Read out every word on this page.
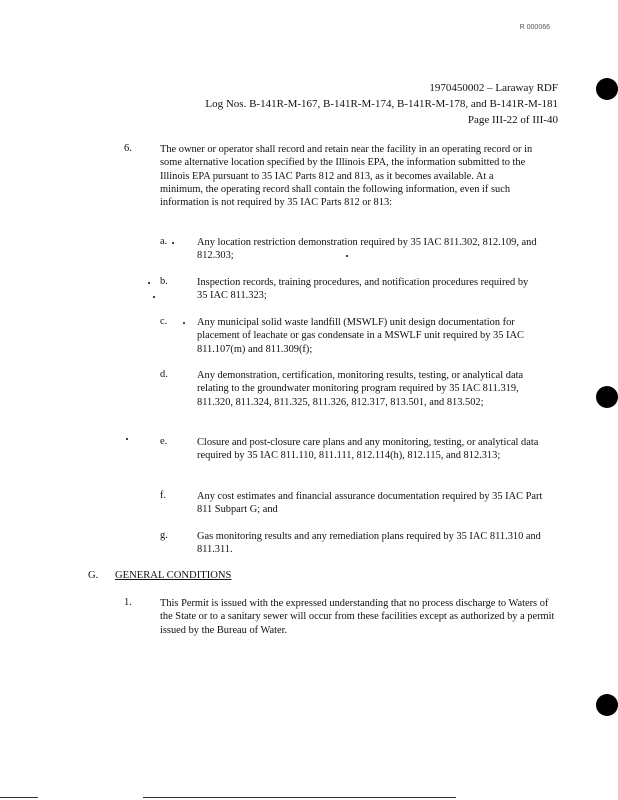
R 000066
1970450002 – Laraway RDF
Log Nos. B-141R-M-167, B-141R-M-174, B-141R-M-178, and B-141R-M-181
Page III-22 of III-40
6.	The owner or operator shall record and retain near the facility in an operating record or in some alternative location specified by the Illinois EPA, the information submitted to the Illinois EPA pursuant to 35 IAC Parts 812 and 813, as it becomes available. At a minimum, the operating record shall contain the following information, even if such information is not required by 35 IAC Parts 812 or 813:
a.	Any location restriction demonstration required by 35 IAC 811.302, 812.109, and 812.303;
b.	Inspection records, training procedures, and notification procedures required by 35 IAC 811.323;
c.	Any municipal solid waste landfill (MSWLF) unit design documentation for placement of leachate or gas condensate in a MSWLF unit required by 35 IAC 811.107(m) and 811.309(f);
d.	Any demonstration, certification, monitoring results, testing, or analytical data relating to the groundwater monitoring program required by 35 IAC 811.319, 811.320, 811.324, 811.325, 811.326, 812.317, 813.501, and 813.502;
e.	Closure and post-closure care plans and any monitoring, testing, or analytical data required by 35 IAC 811.110, 811.111, 812.114(h), 812.115, and 812.313;
f.	Any cost estimates and financial assurance documentation required by 35 IAC Part 811 Subpart G; and
g.	Gas monitoring results and any remediation plans required by 35 IAC 811.310 and 811.311.
G. GENERAL CONDITIONS
1.	This Permit is issued with the expressed understanding that no process discharge to Waters of the State or to a sanitary sewer will occur from these facilities except as authorized by a permit issued by the Bureau of Water.
